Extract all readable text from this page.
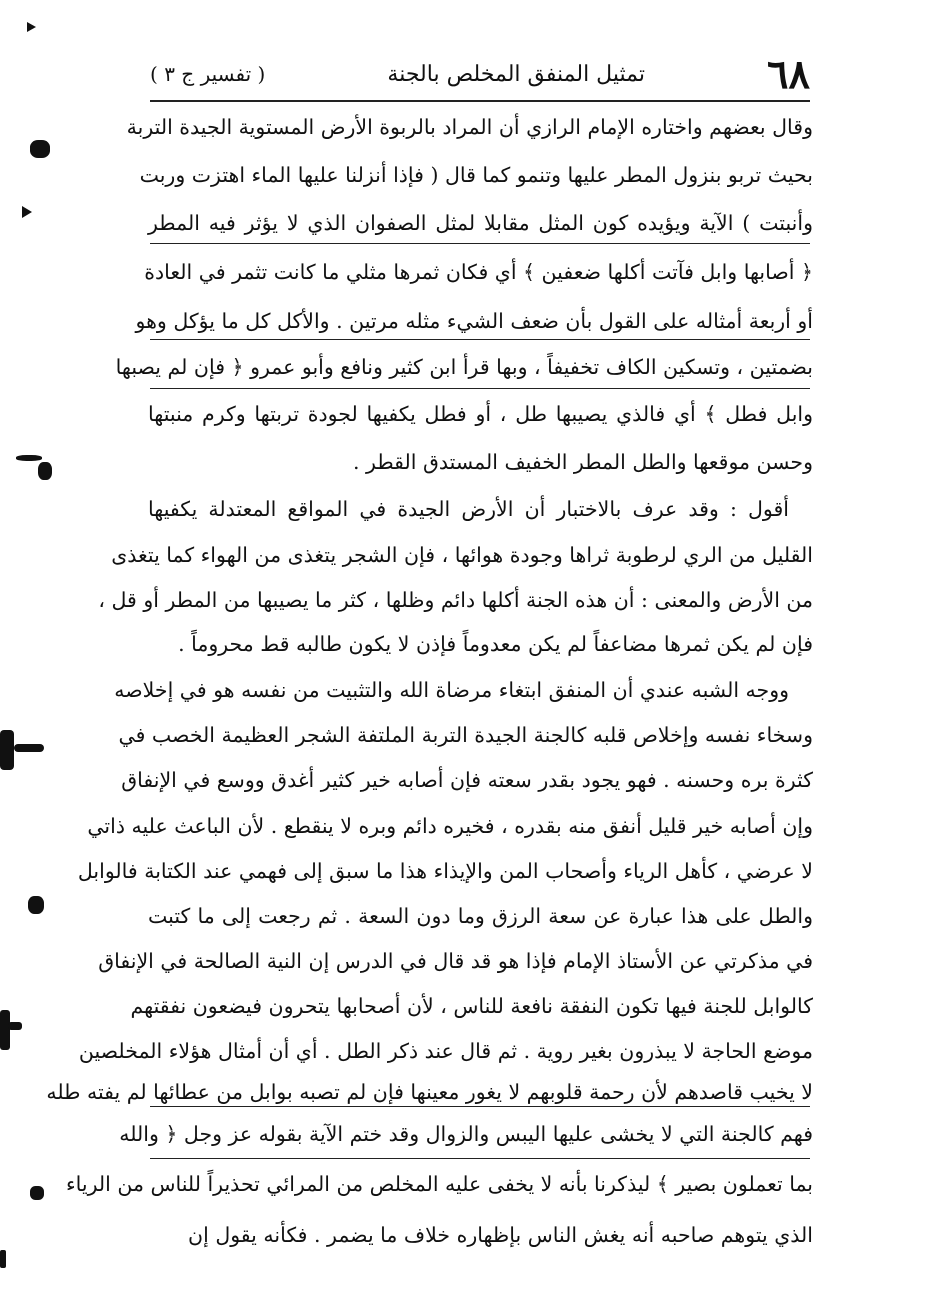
٦٨
تمثيل المنفق المخلص بالجنة
( تفسير ج ٣ )
وقال بعضهم واختاره الإمام الرازي أن المراد بالربوة الأرض المستوية الجيدة التربة
بحيث تربو بنزول المطر عليها وتنمو كما قال ( فإذا أنزلنا عليها الماء اهتزت وربت
وأنبتت ) الآية ويؤيده كون المثل مقابلا لمثل الصفوان الذي لا يؤثر فيه المطر
﴿ أصابها وابل فآتت أكلها ضعفين ﴾ أي فكان ثمرها مثلي ما كانت تثمر في العادة
أو أربعة أمثاله على القول بأن ضعف الشيء مثله مرتين . والأكل كل ما يؤكل وهو
بضمتين ، وتسكين الكاف تخفيفاً ، وبها قرأ ابن كثير ونافع وأبو عمرو ﴿ فإن لم يصبها
وابل فطل ﴾ أي فالذي يصيبها طل ، أو فطل يكفيها لجودة تربتها وكرم منبتها
وحسن موقعها والطل المطر الخفيف المستدق القطر .
أقول : وقد عرف بالاختبار أن الأرض الجيدة في المواقع المعتدلة يكفيها
القليل من الري لرطوبة ثراها وجودة هوائها ، فإن الشجر يتغذى من الهواء كما يتغذى
من الأرض والمعنى : أن هذه الجنة أكلها دائم وظلها ، كثر ما يصيبها من المطر أو قل ،
فإن لم يكن ثمرها مضاعفاً لم يكن معدوماً فإذن لا يكون طالبه قط محروماً .
ووجه الشبه عندي أن المنفق ابتغاء مرضاة الله والتثبيت من نفسه هو في إخلاصه
وسخاء نفسه وإخلاص قلبه كالجنة الجيدة التربة الملتفة الشجر العظيمة الخصب في
كثرة بره وحسنه . فهو يجود بقدر سعته فإن أصابه خير كثير أغدق ووسع في الإنفاق
وإن أصابه خير قليل أنفق منه بقدره ، فخيره دائم وبره لا ينقطع . لأن الباعث عليه ذاتي
لا عرضي ، كأهل الرياء وأصحاب المن والإيذاء هذا ما سبق إلى فهمي عند الكتابة فالوابل
والطل على هذا عبارة عن سعة الرزق وما دون السعة . ثم رجعت إلى ما كتبت
في مذكرتي عن الأستاذ الإمام فإذا هو قد قال في الدرس إن النية الصالحة في الإنفاق
كالوابل للجنة فيها تكون النفقة نافعة للناس ، لأن أصحابها يتحرون فيضعون نفقتهم
موضع الحاجة لا يبذرون بغير روية . ثم قال عند ذكر الطل . أي أن أمثال هؤلاء المخلصين
لا يخيب قاصدهم لأن رحمة قلوبهم لا يغور معينها فإن لم تصبه بوابل من عطائها لم يفته طله
فهم كالجنة التي لا يخشى عليها اليبس والزوال وقد ختم الآية بقوله عز وجل ﴿ والله
بما تعملون بصير ﴾ ليذكرنا بأنه لا يخفى عليه المخلص من المرائي تحذيراً للناس من الرياء
الذي يتوهم صاحبه أنه يغش الناس بإظهاره خلاف ما يضمر . فكأنه يقول إن
